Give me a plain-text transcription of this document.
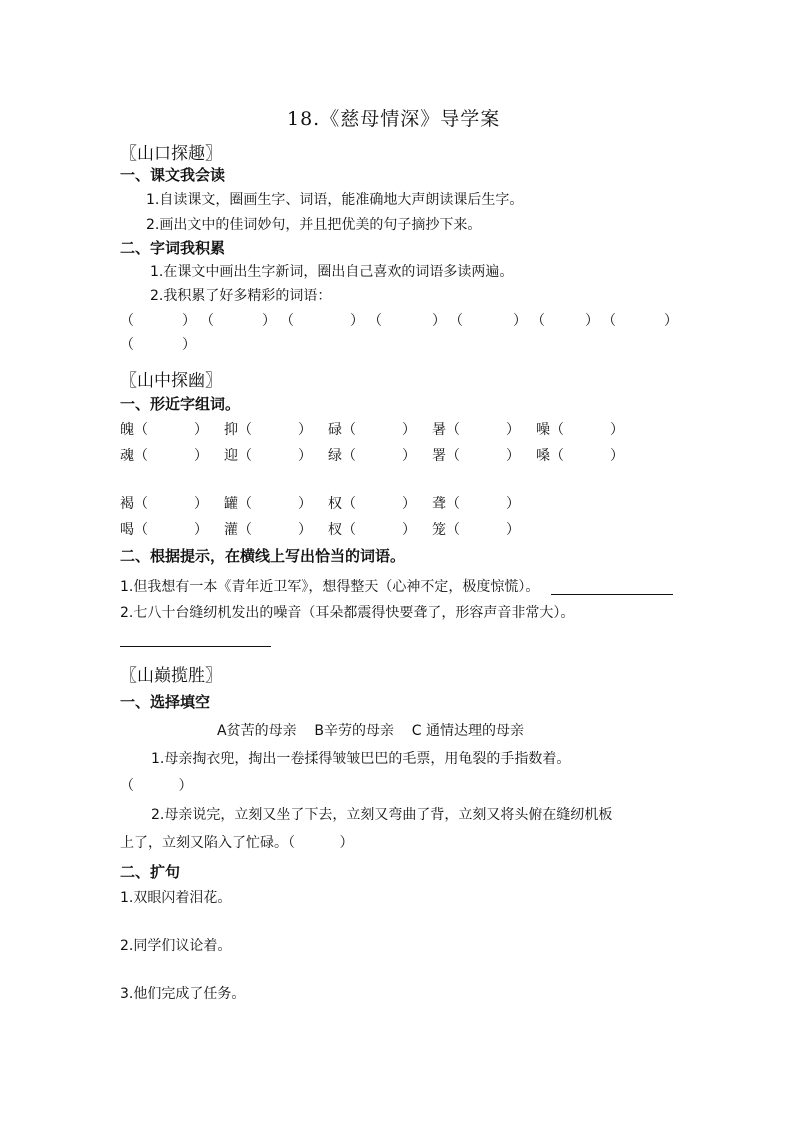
18.《慈母情深》导学案
〖山口探趣〗
一、课文我会读
1.自读课文，圈画生字、词语，能准确地大声朗读课后生字。
2.画出文中的佳词妙句，并且把优美的句子摘抄下来。
二、字词我积累
1.在课文中画出生字新词，圈出自己喜欢的词语多读两遍。
2.我积累了好多精彩的词语：
（	） （	） （	） （	） （	） （	） （	）
（	）
〖山中探幽〗
一、形近字组词。
魄 （	） 抑 （	） 碌 （	） 暑 （	） 噪 （	）
魂 （	） 迎 （	） 绿 （	） 署 （	） 嗓 （	）
褐 （	） 罐 （	） 权 （	） 聋 （	）
喝 （	） 灌 （	） 杈 （	） 笼 （	）
二、根据提示，在横线上写出恰当的词语。
1.但我想有一本《青年近卫军》，想得整天（心神不定，极度惊慌）。
2.七八十台缝纫机发出的噪音（耳朵都震得快要聋了，形容声音非常大）。
〖山巅揽胜〗
一、选择填空
A贫苦的母亲    B辛劳的母亲    C 通情达理的母亲
1.母亲掏衣兜，掏出一卷揉得皱皱巴巴的毛票，用龟裂的手指数着。
（          ）
2.母亲说完，立刻又坐了下去，立刻又弯曲了背，立刻又将头俯在缝纫机板
上了，立刻又陷入了忙碌。（          ）
二、扩句
1.双眼闪着泪花。
2.同学们议论着。
3.他们完成了任务。
